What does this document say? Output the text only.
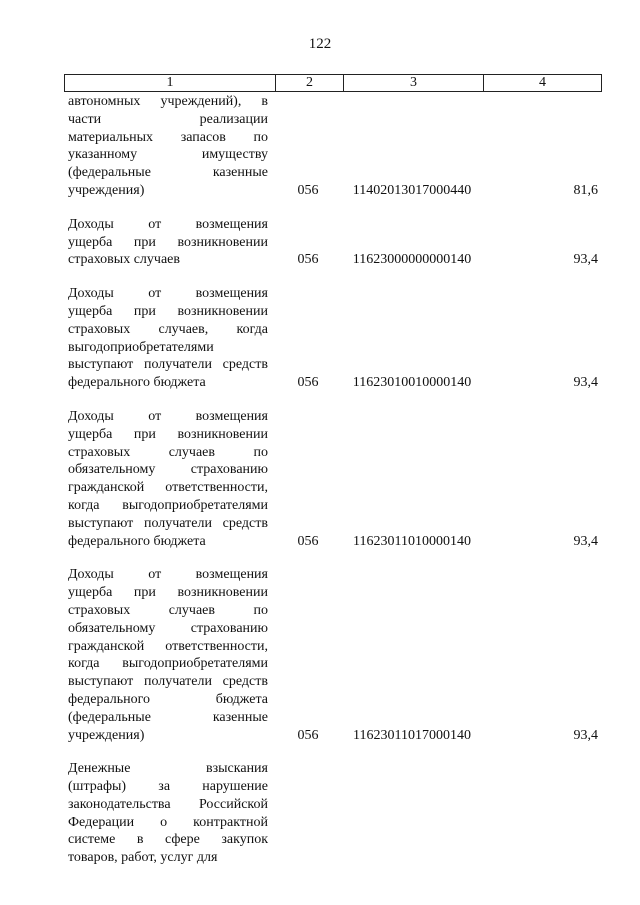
122
1	2	3	4
автономных учреждений), в
части реализации
материальных запасов по
указанному имуществу
(федеральные казенные
учреждения)	056	11402013017000440	81,6
Доходы от возмещения
ущерба при возникновении
страховых случаев	056	11623000000000140	93,4
Доходы от возмещения
ущерба при возникновении
страховых случаев, когда
выгодоприобретателями
выступают получатели средств
федерального бюджета	056	11623010010000140	93,4
Доходы от возмещения
ущерба при возникновении
страховых случаев по
обязательному страхованию
гражданской ответственности,
когда выгодоприобретателями
выступают получатели средств
федерального бюджета	056	11623011010000140	93,4
Доходы от возмещения
ущерба при возникновении
страховых случаев по
обязательному страхованию
гражданской ответственности,
когда выгодоприобретателями
выступают получатели средств
федерального бюджета
(федеральные казенные
учреждения)	056	11623011017000140	93,4
Денежные взыскания
(штрафы) за нарушение
законодательства Российской
Федерации о контрактной
системе в сфере закупок
товаров, работ, услуг для
